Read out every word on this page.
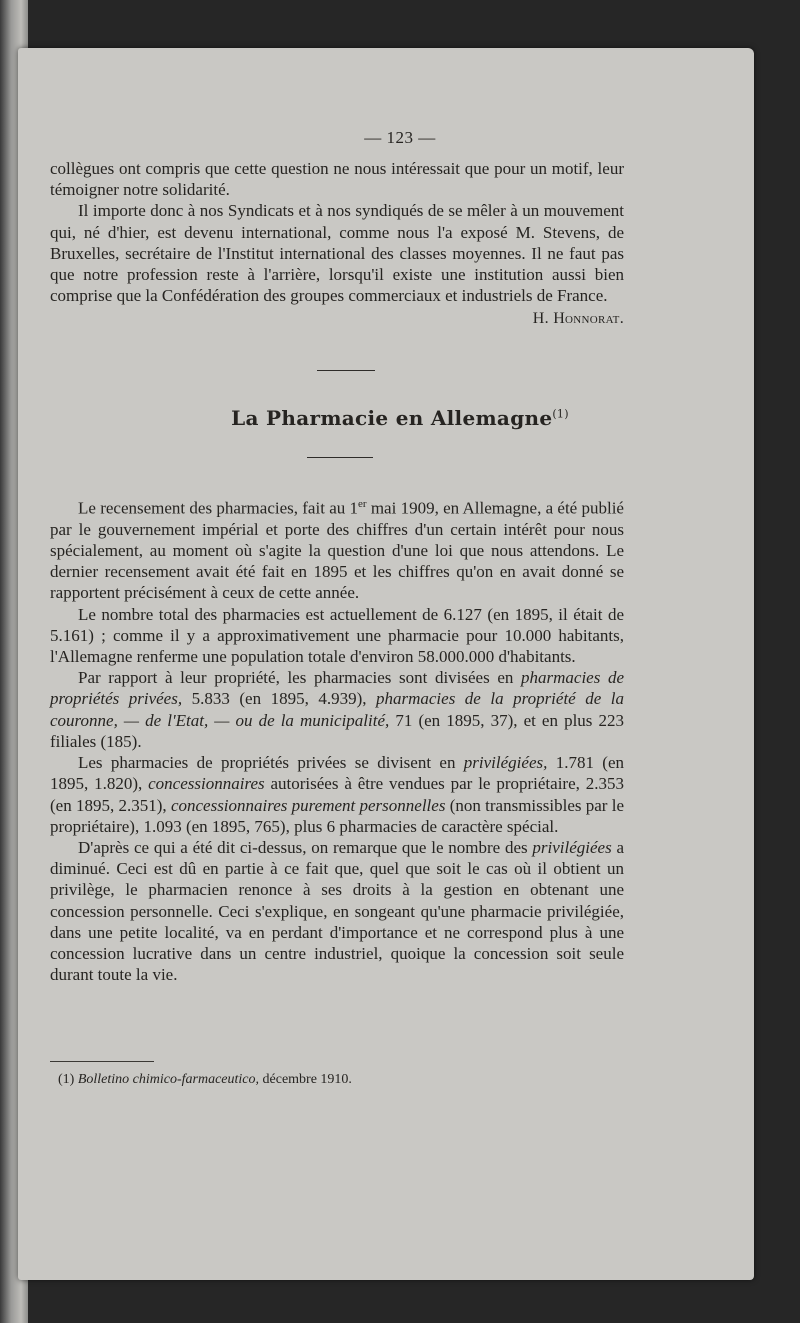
— 123 —

collègues ont compris que cette question ne nous intéressait que pour un motif, leur témoigner notre solidarité.

Il importe donc à nos Syndicats et à nos syndiqués de se mêler à un mouvement qui, né d'hier, est devenu international, comme nous l'a exposé M. Stevens, de Bruxelles, secrétaire de l'Institut international des classes moyennes. Il ne faut pas que notre profession reste à l'arrière, lorsqu'il existe une institution aussi bien comprise que la Confédération des groupes commerciaux et industriels de France.

H. Honnorat.
La Pharmacie en Allemagne$^{(1)}$

Le recensement des pharmacies, fait au 1er mai 1909, en Allemagne, a été publié par le gouvernement impérial et porte des chiffres d'un certain intérêt pour nous spécialement, au moment où s'agite la question d'une loi que nous attendons. Le dernier recensement avait été fait en 1895 et les chiffres qu'on en avait donné se rapportent précisément à ceux de cette année.

Le nombre total des pharmacies est actuellement de 6.127 (en 1895, il était de 5.161) ; comme il y a approximativement une pharmacie pour 10.000 habitants, l'Allemagne renferme une population totale d'environ 58.000.000 d'habitants.

Par rapport à leur propriété, les pharmacies sont divisées en pharmacies de propriétés privées, 5.833 (en 1895, 4.939), pharmacies de la propriété de la couronne, — de l'Etat, — ou de la municipalité, 71 (en 1895, 37), et en plus 223 filiales (185).

Les pharmacies de propriétés privées se divisent en privilégiées, 1.781 (en 1895, 1.820), concessionnaires autorisées à être vendues par le propriétaire, 2.353 (en 1895, 2.351), concessionnaires purement personnelles (non transmissibles par le propriétaire), 1.093 (en 1895, 765), plus 6 pharmacies de caractère spécial.

D'après ce qui a été dit ci-dessus, on remarque que le nombre des privilégiées a diminué. Ceci est dû en partie à ce fait que, quel que soit le cas où il obtient un privilège, le pharmacien renonce à ses droits à la gestion en obtenant une concession personnelle. Ceci s'explique, en songeant qu'une pharmacie privilégiée, dans une petite localité, va en perdant d'importance et ne correspond plus à une concession lucrative dans un centre industriel, quoique la concession soit seule durant toute la vie.

(1) Bolletino chimico-farmaceutico, décembre 1910.
